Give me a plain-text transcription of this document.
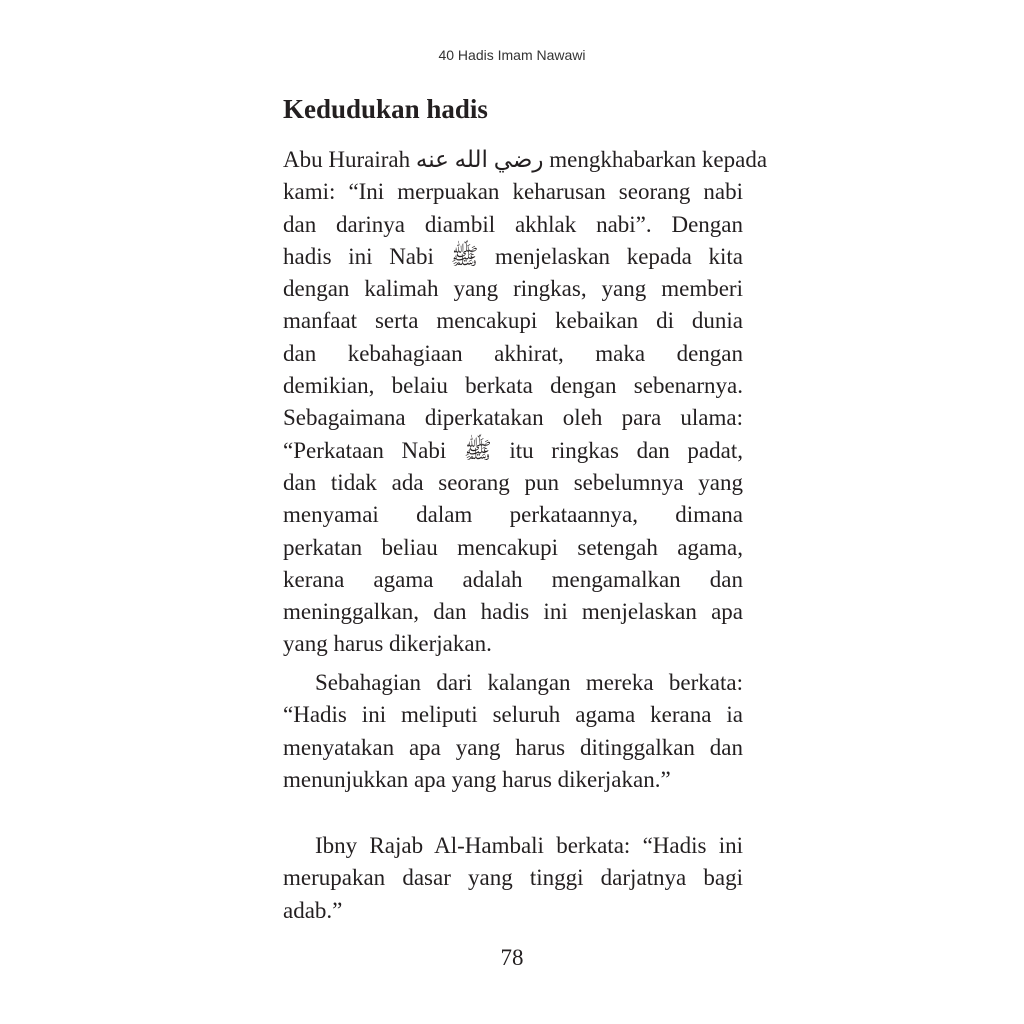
40 Hadis Imam Nawawi
Kedudukan hadis
Abu Hurairah رضي الله عنه mengkhabarkan kepada
kami: “Ini merpuakan keharusan seorang nabi
dan darinya diambil akhlak nabi”. Dengan
hadis ini Nabi ﷺ menjelaskan kepada kita
dengan kalimah yang ringkas, yang memberi
manfaat serta mencakupi kebaikan di dunia
dan kebahagiaan akhirat, maka dengan
demikian, belaiu berkata dengan sebenarnya.
Sebagaimana diperkatakan oleh para ulama:
“Perkataan Nabi ﷺ itu ringkas dan padat,
dan tidak ada seorang pun sebelumnya yang
menyamai dalam perkataannya, dimana
perkatan beliau mencakupi setengah agama,
kerana agama adalah mengamalkan dan
meninggalkan, dan hadis ini menjelaskan apa
yang harus dikerjakan.
Sebahagian dari kalangan mereka berkata:
“Hadis ini meliputi seluruh agama kerana ia
menyatakan apa yang harus ditinggalkan dan
menunjukkan apa yang harus dikerjakan.”
Ibny Rajab Al-Hambali berkata: “Hadis ini
merupakan dasar yang tinggi darjatnya bagi
adab.”
78
